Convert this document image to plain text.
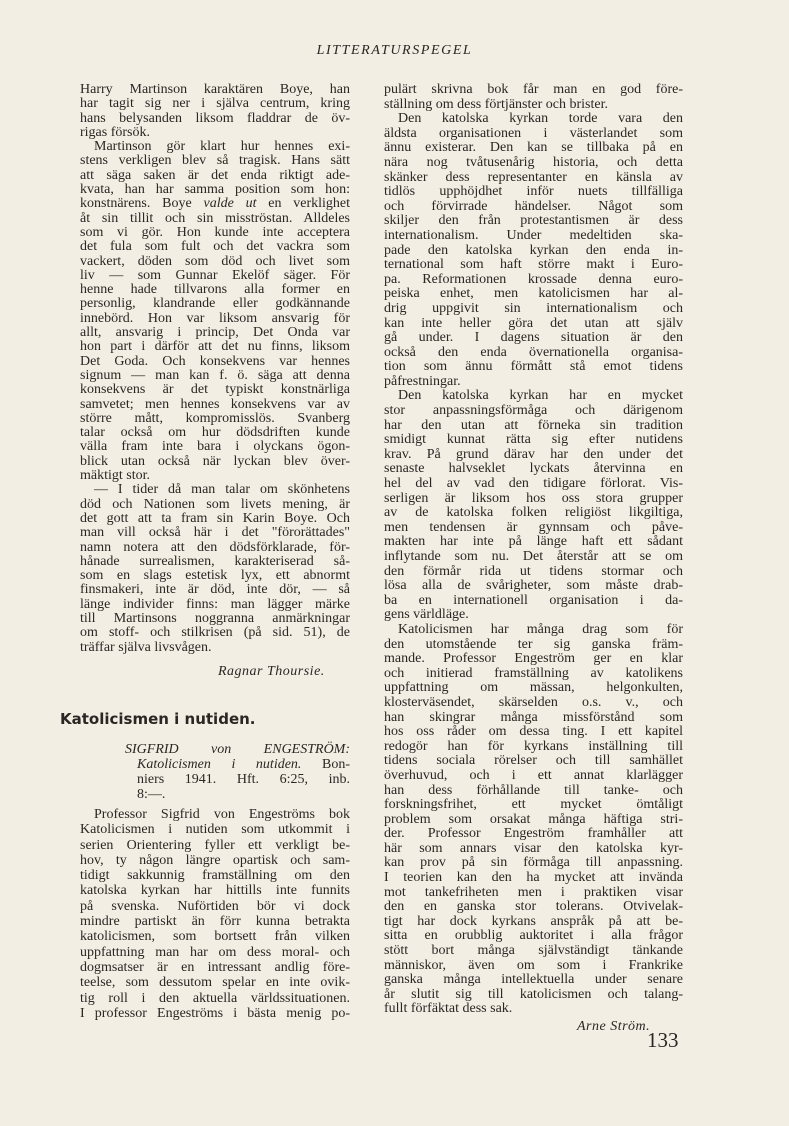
LITTERATURSPEGEL
Harry Martinson karaktären Boye, han
har tagit sig ner i själva centrum, kring
hans belysanden liksom fladdrar de öv-
rigas försök.
Martinson gör klart hur hennes exi-
stens verkligen blev så tragisk. Hans sätt
att säga saken är det enda riktigt ade-
kvata, han har samma position som hon:
konstnärens. Boye valde ut en verklighet
åt sin tillit och sin misströstan. Alldeles
som vi gör. Hon kunde inte acceptera
det fula som fult och det vackra som
vackert, döden som död och livet som
liv — som Gunnar Ekelöf säger. För
henne hade tillvarons alla former en
personlig, klandrande eller godkännande
innebörd. Hon var liksom ansvarig för
allt, ansvarig i princip, Det Onda var
hon part i därför att det nu finns, liksom
Det Goda. Och konsekvens var hennes
signum — man kan f. ö. säga att denna
konsekvens är det typiskt konstnärliga
samvetet; men hennes konsekvens var av
större mått, kompromisslös. Svanberg
talar också om hur dödsdriften kunde
välla fram inte bara i olyckans ögon-
blick utan också när lyckan blev över-
mäktigt stor.
— I tider då man talar om skönhetens
död och Nationen som livets mening, är
det gott att ta fram sin Karin Boye. Och
man vill också här i det "förorättades"
namn notera att den dödsförklarade, för-
hånade surrealismen, karakteriserad så-
som en slags estetisk lyx, ett abnormt
finsmakeri, inte är död, inte dör, — så
länge individer finns: man lägger märke
till Martinsons noggranna anmärkningar
om stoff- och stilkrisen (på sid. 51), de
träffar själva livsvågen.
Ragnar Thoursie.
Katolicismen i nutiden.
SIGFRID von ENGESTRÖM:
Katolicismen i nutiden. Bon-
niers 1941. Hft. 6:25, inb.
8:—.
Professor Sigfrid von Engeströms bok
Katolicismen i nutiden som utkommit i
serien Orientering fyller ett verkligt be-
hov, ty någon längre opartisk och sam-
tidigt sakkunnig framställning om den
katolska kyrkan har hittills inte funnits
på svenska. Nuförtiden bör vi dock
mindre partiskt än förr kunna betrakta
katolicismen, som bortsett från vilken
uppfattning man har om dess moral- och
dogmsatser är en intressant andlig före-
teelse, som dessutom spelar en inte ovik-
tig roll i den aktuella världssituationen.
I professor Engeströms i bästa menig po-
pulärt skrivna bok får man en god före-
ställning om dess förtjänster och brister.
Den katolska kyrkan torde vara den
äldsta organisationen i västerlandet som
ännu existerar. Den kan se tillbaka på en
nära nog tvåtusenårig historia, och detta
skänker dess representanter en känsla av
tidlös upphöjdhet inför nuets tillfälliga
och förvirrade händelser. Något som
skiljer den från protestantismen är dess
internationalism. Under medeltiden ska-
pade den katolska kyrkan den enda in-
ternational som haft större makt i Euro-
pa. Reformationen krossade denna euro-
peiska enhet, men katolicismen har al-
drig uppgivit sin internationalism och
kan inte heller göra det utan att själv
gå under. I dagens situation är den
också den enda övernationella organisa-
tion som ännu förmått stå emot tidens
påfrestningar.
Den katolska kyrkan har en mycket
stor anpassningsförmåga och därigenom
har den utan att förneka sin tradition
smidigt kunnat rätta sig efter nutidens
krav. På grund därav har den under det
senaste halvseklet lyckats återvinna en
hel del av vad den tidigare förlorat. Vis-
serligen är liksom hos oss stora grupper
av de katolska folken religiöst likgiltiga,
men tendensen är gynnsam och påve-
makten har inte på länge haft ett sådant
inflytande som nu. Det återstår att se om
den förmår rida ut tidens stormar och
lösa alla de svårigheter, som måste drab-
ba en internationell organisation i da-
gens världläge.
Katolicismen har många drag som för
den utomstående ter sig ganska främ-
mande. Professor Engeström ger en klar
och initierad framställning av katolikens
uppfattning om mässan, helgonkulten,
klosterväsendet, skärselden o.s. v., och
han skingrar många missförstånd som
hos oss råder om dessa ting. I ett kapitel
redogör han för kyrkans inställning till
tidens sociala rörelser och till samhället
överhuvud, och i ett annat klarlägger
han dess förhållande till tanke- och
forskningsfrihet, ett mycket ömtåligt
problem som orsakat många häftiga stri-
der. Professor Engeström framhåller att
här som annars visar den katolska kyr-
kan prov på sin förmåga till anpassning.
I teorien kan den ha mycket att invända
mot tankefriheten men i praktiken visar
den en ganska stor tolerans. Otvivelak-
tigt har dock kyrkans anspråk på att be-
sitta en orubblig auktoritet i alla frågor
stött bort många självständigt tänkande
människor, även om som i Frankrike
ganska många intellektuella under senare
år slutit sig till katolicismen och talang-
fullt förfäktat dess sak.
Arne Ström.
133
